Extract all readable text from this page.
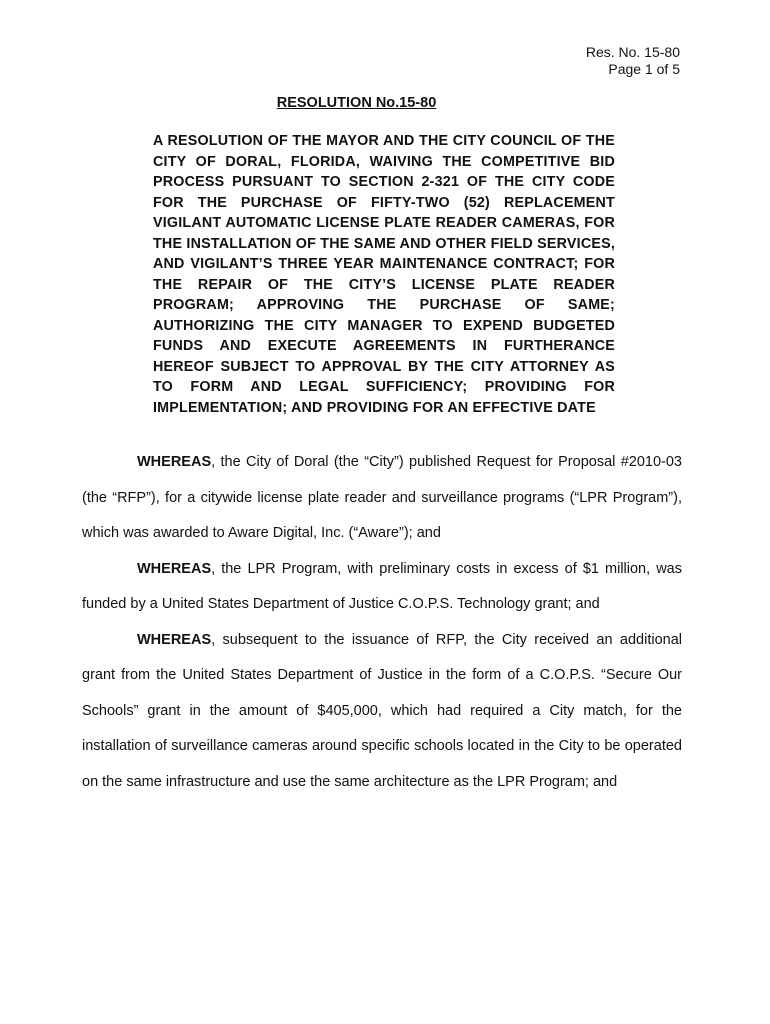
Res. No. 15-80
Page 1 of 5
RESOLUTION No.15-80
A RESOLUTION OF THE MAYOR AND THE CITY COUNCIL OF THE CITY OF DORAL, FLORIDA, WAIVING THE COMPETITIVE BID PROCESS PURSUANT TO SECTION 2-321 OF THE CITY CODE FOR THE PURCHASE OF FIFTY-TWO (52) REPLACEMENT VIGILANT AUTOMATIC LICENSE PLATE READER CAMERAS, FOR THE INSTALLATION OF THE SAME AND OTHER FIELD SERVICES, AND VIGILANT’S THREE YEAR MAINTENANCE CONTRACT; FOR THE REPAIR OF THE CITY’S LICENSE PLATE READER PROGRAM; APPROVING THE PURCHASE OF SAME; AUTHORIZING THE CITY MANAGER TO EXPEND BUDGETED FUNDS AND EXECUTE AGREEMENTS IN FURTHERANCE HEREOF SUBJECT TO APPROVAL BY THE CITY ATTORNEY AS TO FORM AND LEGAL SUFFICIENCY; PROVIDING FOR IMPLEMENTATION; AND PROVIDING FOR AN EFFECTIVE DATE

WHEREAS, the City of Doral (the “City”) published Request for Proposal #2010-03 (the “RFP”), for a citywide license plate reader and surveillance programs (“LPR Program”), which was awarded to Aware Digital, Inc. (“Aware”); and

WHEREAS, the LPR Program, with preliminary costs in excess of $1 million, was funded by a United States Department of Justice C.O.P.S. Technology grant; and

WHEREAS, subsequent to the issuance of RFP, the City received an additional grant from the United States Department of Justice in the form of a C.O.P.S. “Secure Our Schools” grant in the amount of $405,000, which had required a City match, for the installation of surveillance cameras around specific schools located in the City to be operated on the same infrastructure and use the same architecture as the LPR Program; and
